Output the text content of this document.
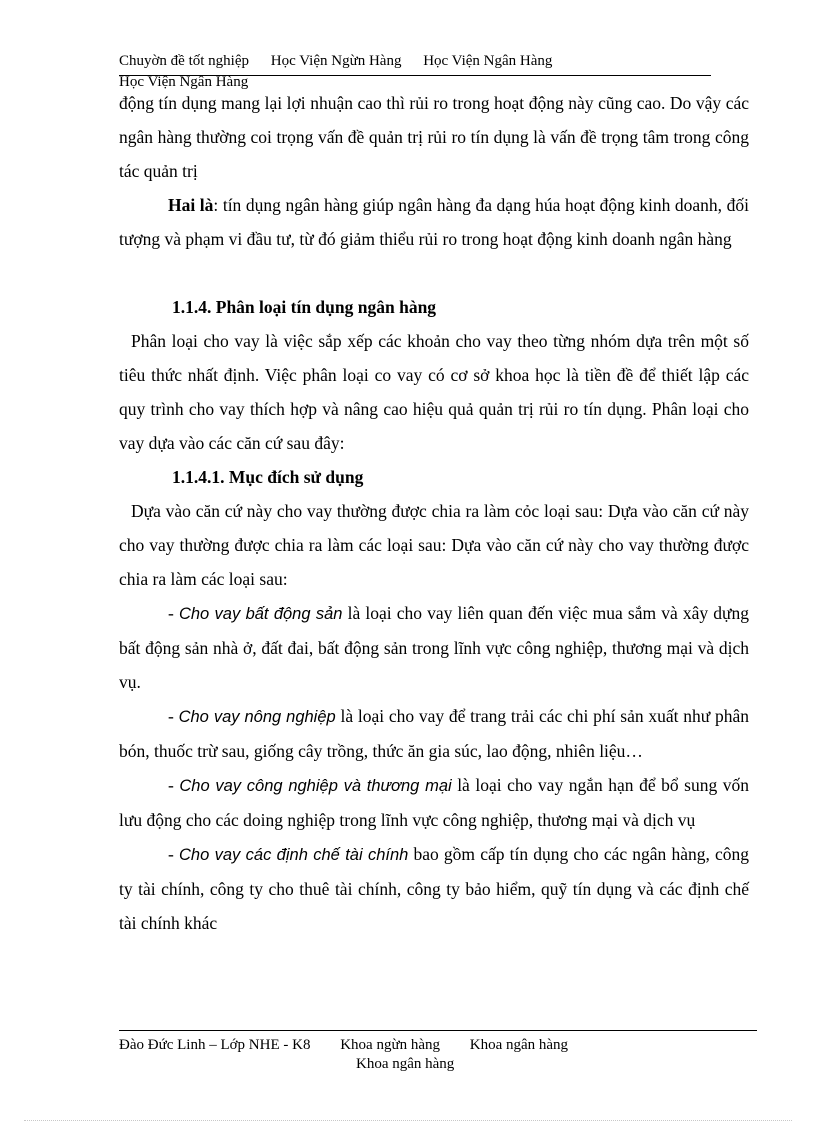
Chuyờn đề tốt nghiệp Học Viện Ngừn Hàng Học Viện Ngân Hàng
Học Viện Ngân Hàng

động tín dụng mang lại lợi nhuận cao thì rủi ro trong hoạt động này cũng cao. Do vậy các ngân hàng thường coi trọng vấn đề quản trị rủi ro tín dụng là vấn đề trọng tâm trong công tác quản trị

Hai là: tín dụng ngân hàng giúp ngân hàng đa dạng húa hoạt động kinh doanh, đối tượng và phạm vi đầu tư, từ đó giảm thiểu rủi ro trong hoạt động kinh doanh ngân hàng

1.1.4. Phân loại tín dụng ngân hàng

Phân loại cho vay là việc sắp xếp các khoản cho vay theo từng nhóm dựa trên một số tiêu thức nhất định. Việc phân loại co vay có cơ sở khoa học là tiền đề để thiết lập các quy trình cho vay thích hợp và nâng cao hiệu quả quản trị rủi ro tín dụng. Phân loại cho vay dựa vào các căn cứ sau đây:

1.1.4.1. Mục đích sử dụng

Dựa vào căn cứ này cho vay thường được chia ra làm cỏc loại sau: Dựa vào căn cứ này cho vay thường được chia ra làm các loại sau: Dựa vào căn cứ này cho vay thường được chia ra làm các loại sau:

- Cho vay bất động sản là loại cho vay liên quan đến việc mua sắm và xây dựng bất động sản nhà ở, đất đai, bất động sản trong lĩnh vực công nghiệp, thương mại và dịch vụ.

- Cho vay nông nghiệp là loại cho vay để trang trải các chi phí sản xuất như phân bón, thuốc trừ sau, giống cây trồng, thức ăn gia súc, lao động, nhiên liệu…

- Cho vay công nghiệp và thương mại là loại cho vay ngắn hạn để bổ sung vốn lưu động cho các doing nghiệp trong lĩnh vực công nghiệp, thương mại và dịch vụ

- Cho vay các định chế tài chính bao gồm cấp tín dụng cho các ngân hàng, công ty tài chính, công ty cho thuê tài chính, công ty bảo hiểm, quỹ tín dụng và các định chế tài chính khác

Đào Đức Linh – Lớp NHE - K8 Khoa ngừn hàng Khoa ngân hàng
Khoa ngân hàng
